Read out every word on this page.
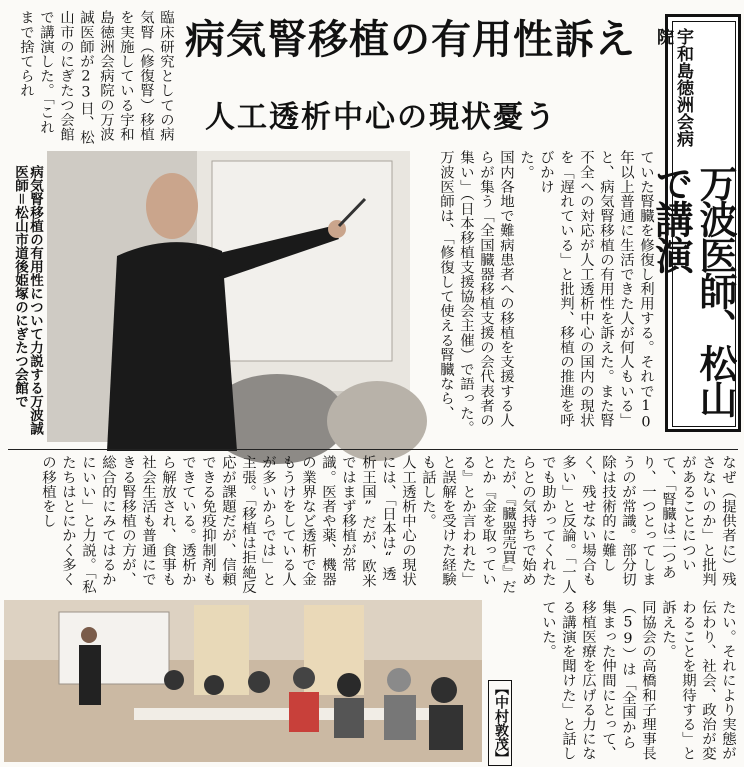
病気腎移植の有用性訴え
人工透析中心の現状憂う	宇和島徳洲会病院
万波医師、松山で講演
臨床研究としての病気腎（修復腎）移植を実施している宇和島徳洲会病院の万波誠医師が23日、松山市のにぎたつ会館で講演した。「これまで捨てられ
病気腎移植の有用性について力説する万波誠医師＝松山市道後姫塚のにぎたつ会館で	ていた腎臓を修復し利用する。それで10年以上普通に生活できた人が何人もいる」と、病気腎移植の有用性を訴えた。また腎不全への対応が人工透析中心の国内の現状を「遅れている」と批判、移植の推進を呼びかけ
た。
国内各地で難病患者への移植を支援する人らが集う「全国臓器移植支援の会代表者の集い」（日本移植支援協会主催）で語った。
万波医師は、「修復して使える腎臓なら、
なぜ（提供者に）残さないのか」と批判があることについて、「腎臓は二つあり、一つとってしまうのが常識。部分切除は技術的に難しく、残せない場合も多い」と反論。「一人でも助かってくれたらとの気持ちで始めたが、『臓器売買』だとか『金を取っている』とか言われた」と誤解を受けた経験も話した。
人工透析中心の現状には、「日本は“透析王国”だが、欧米ではまず移植が常識。医者や薬、機器の業界など透析で金もうけをしている人が多いからでは」と主張。「移植は拒絶反応が課題だが、信頼できる免疫抑制剤もできている。透析から解放され、食事も社会生活も普通にできる腎移植の方が、総合的にみてはるかにいい」と力説。「私たちはとにかく多くの移植をし
たい。それにより実態が伝わり、社会、政治が変わることを期待する」と訴えた。
同協会の高橋和子理事長（59）は「全国から集まった仲間にとって、移植医療を広げる力になる講演を聞けた」と話していた。
【中村敦茂】
